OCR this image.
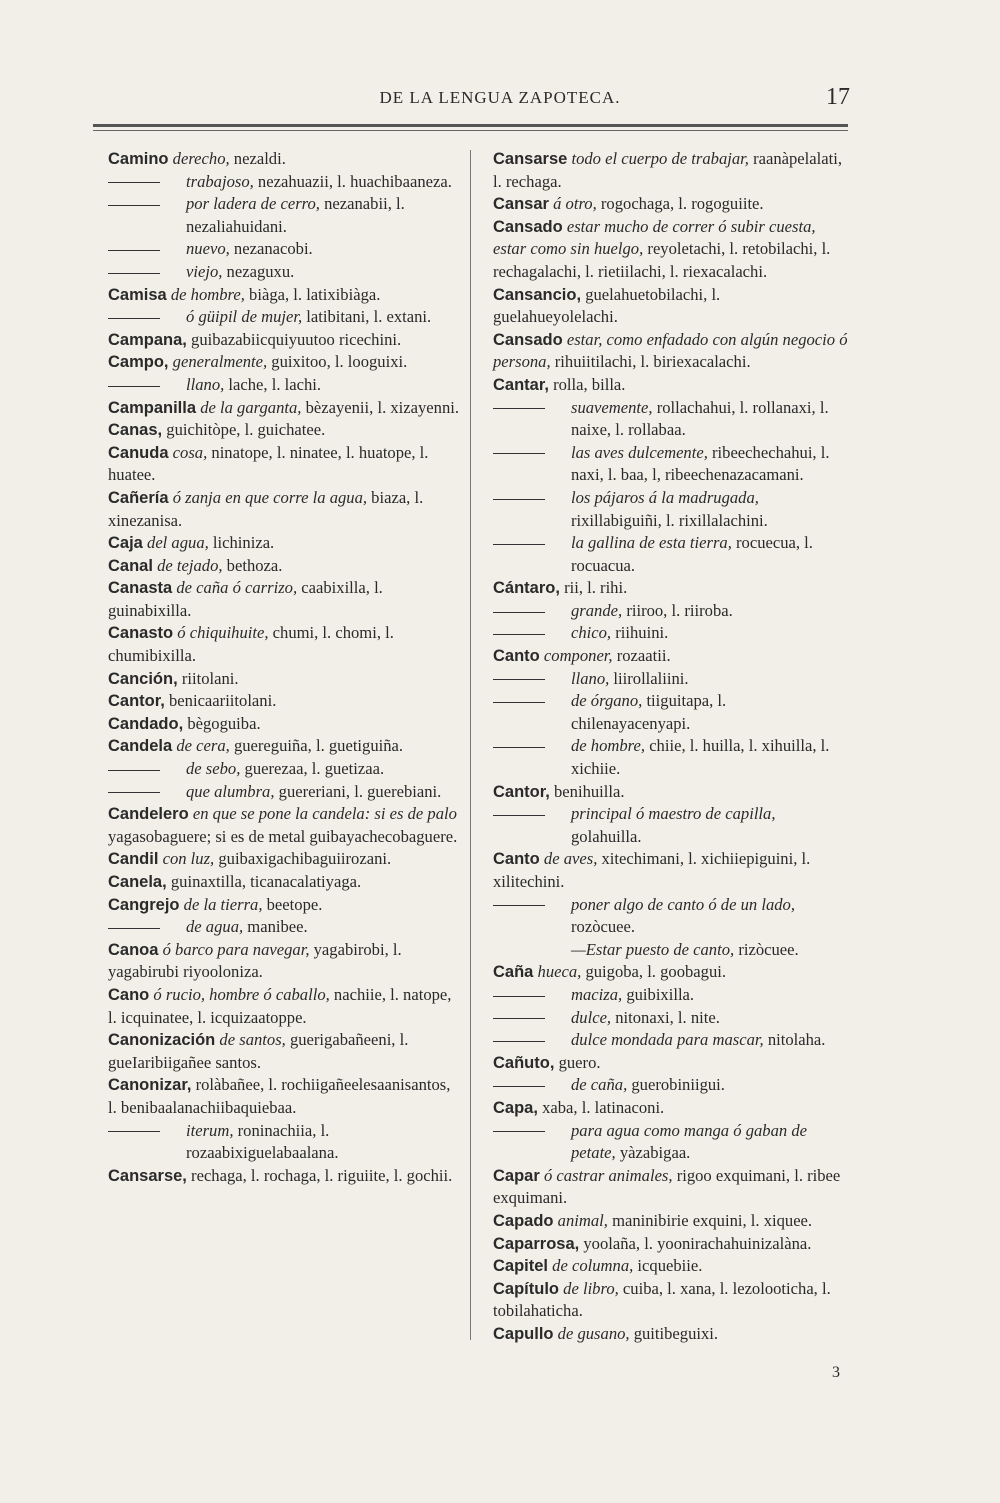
DE LA LENGUA ZAPOTECA.	17
Camino derecho, nezaldi.
trabajoso, nezahuazii, l. huachibaaneza.
por ladera de cerro, nezanabii, l. nezaliahuidani.
nuevo, nezanacobi.
viejo, nezaguxu.
Camisa de hombre, biàga, l. latixibiàga.
ó güipil de mujer, latibitani, l. extani.
Campana, guibazabiicquiyuutoo ricechini.
Campo, generalmente, guixitoo, l. looguixi.
llano, lache, l. lachi.
Campanilla de la garganta, bèzayenii, l. xizayenni.
Canas, guichitòpe, l. guichatee.
Canuda cosa, ninatope, l. ninatee, l. huatope, l. huatee.
Cañería ó zanja en que corre la agua, biaza, l. xinezanisa.
Caja del agua, lichiniza.
Canal de tejado, bethoza.
Canasta de caña ó carrizo, caabixilla, l. guinabixilla.
Canasto ó chiquihuite, chumi, l. chomi, l. chumibixilla.
Canción, riitolani.
Cantor, benicaariitolani.
Candado, bègoguiba.
Candela de cera, guereguiña, l. guetiguiña.
de sebo, guerezaa, l. guetizaa.
que alumbra, guereriani, l. guerebiani.
Candelero en que se pone la candela: si es de palo yagasobaguere; si es de metal guibayachecobaguere.
Candil con luz, guibaxigachibaguiirozani.
Canela, guinaxtilla, ticanacalatiyaga.
Cangrejo de la tierra, beetope.
de agua, manibee.
Canoa ó barco para navegar, yagabirobi, l. yagabirubi riyooloniza.
Cano ó rucio, hombre ó caballo, nachiie, l. natope, l. icquinatee, l. icquizaatoppe.
Canonización de santos, guerigabañeeni, l. gueIaribiigañee santos.
Canonizar, rolàbañee, l. rochiigañeelesaanisantos, l. benibaalanachiibaquiebaa.
iterum, roninachiia, l. rozaabixiguelabaalana.
Cansarse, rechaga, l. rochaga, l. riguiite, l. gochii.
Cansarse todo el cuerpo de trabajar, raanàpelalati, l. rechaga.
Cansar á otro, rogochaga, l. rogoguiite.
Cansado estar mucho de correr ó subir cuesta, estar como sin huelgo, reyoletachi, l. retobilachi, l. rechagalachi, l. rietiilachi, l. riexacalachi.
Cansancio, guelahuetobilachi, l. guelahueyolelachi.
Cansado estar, como enfadado con algún negocio ó persona, rihuiitilachi, l. biriexacalachi.
Cantar, rolla, billa.
suavemente, rollachahui, l. rollanaxi, l. naixe, l. rollabaa.
las aves dulcemente, ribeechechahui, l. naxi, l. baa, l, ribeechenazacamani.
los pájaros á la madrugada, rixillabiguiñi, l. rixillalachini.
la gallina de esta tierra, rocuecua, l. rocuacua.
Cántaro, rii, l. rihi.
grande, riiroo, l. riiroba.
chico, riihuini.
Canto componer, rozaatii.
llano, liirollaliini.
de órgano, tiiguitapa, l. chilenayacenyapi.
de hombre, chiie, l. huilla, l. xihuilla, l. xichiie.
Cantor, benihuilla.
principal ó maestro de capilla, golahuilla.
Canto de aves, xitechimani, l. xichiiepiguini, l. xilitechini.
poner algo de canto ó de un lado, rozòcuee.
—Estar puesto de canto, rizòcuee.
Caña hueca, guigoba, l. goobagui.
maciza, guibixilla.
dulce, nitonaxi, l. nite.
dulce mondada para mascar, nitolaha.
Cañuto, guero.
de caña, guerobiniigui.
Capa, xaba, l. latinaconi.
para agua como manga ó gaban de petate, yàzabigaa.
Capar ó castrar animales, rigoo exquimani, l. ribee exquimani.
Capado animal, maninibirie exquini, l. xiquee.
Caparrosa, yoolaña, l. yoonirachahuinizalàna.
Capitel de columna, icquebiie.
Capítulo de libro, cuiba, l. xana, l. lezolooticha, l. tobilahaticha.
Capullo de gusano, guitibeguixi.
3
